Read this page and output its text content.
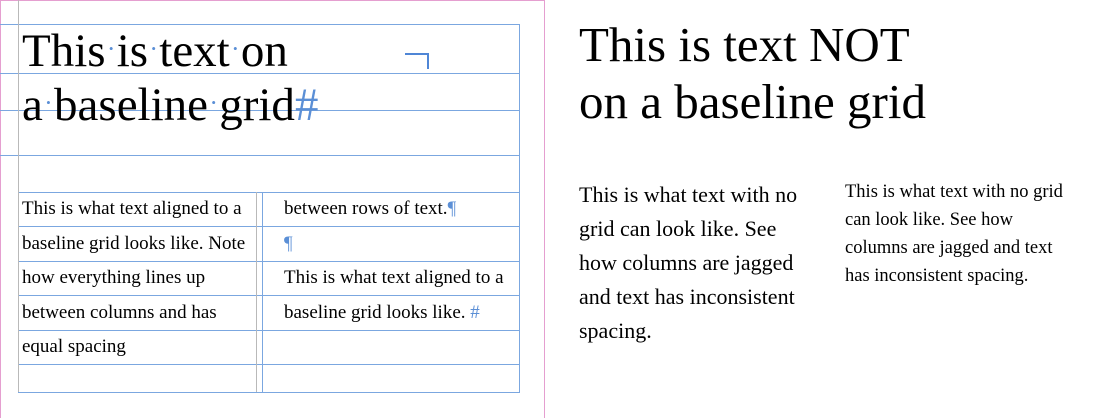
This·is·text·on
a·baseline·grid#

This is what text aligned to a baseline grid looks like. Note how everything lines up between columns and has equal spacing

between rows of text.¶

¶

This is what text aligned to a baseline grid looks like. #

This is text NOT
on a baseline grid

This is what text with no grid can look like. See how columns are jagged and text has inconsistent spacing.

This is what text with no grid can look like. See how columns are jagged and text has inconsistent spacing.
